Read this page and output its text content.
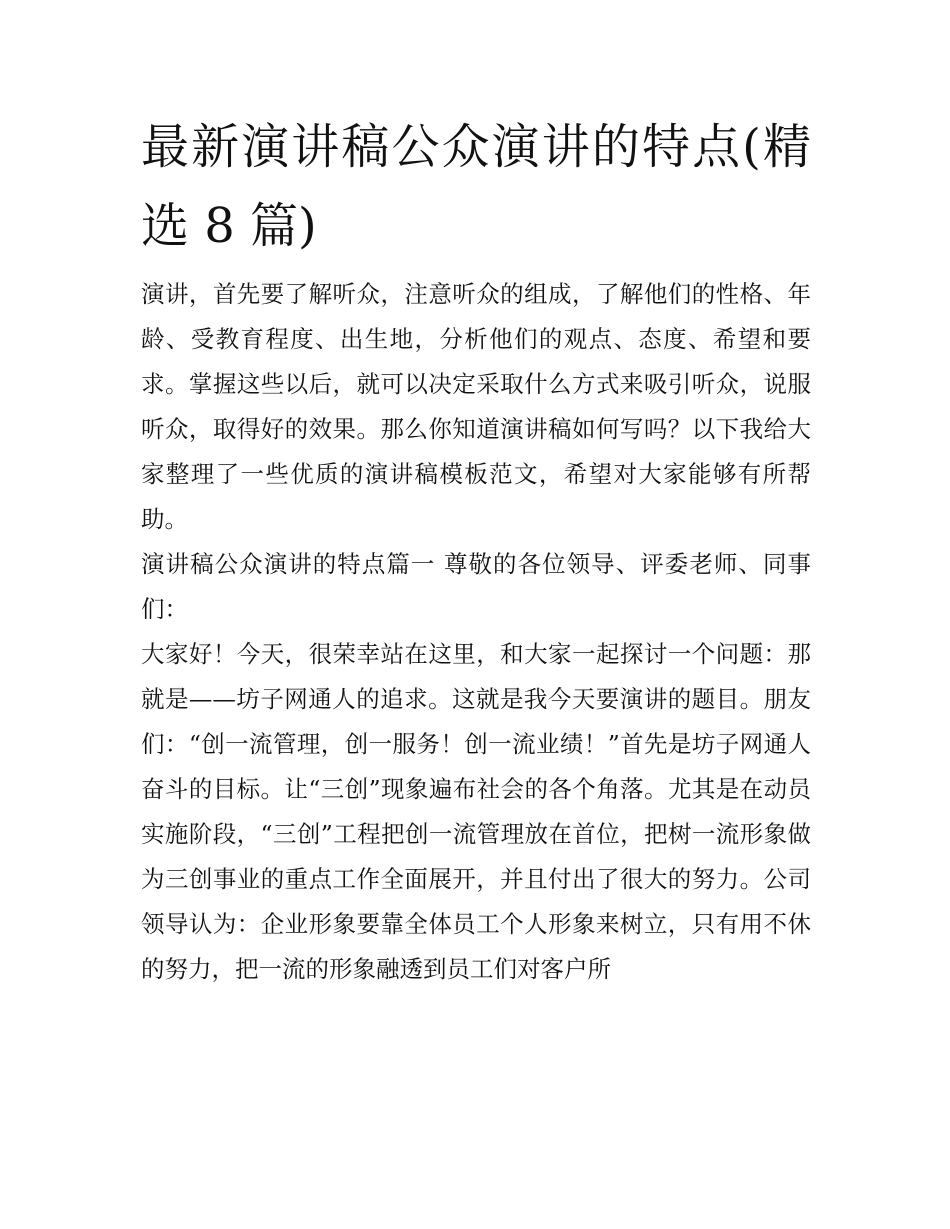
最新演讲稿公众演讲的特点(精选 8 篇)

演讲，首先要了解听众，注意听众的组成，了解他们的性格、年龄、受教育程度、出生地，分析他们的观点、态度、希望和要求。掌握这些以后，就可以决定采取什么方式来吸引听众，说服听众，取得好的效果。那么你知道演讲稿如何写吗？以下我给大家整理了一些优质的演讲稿模板范文，希望对大家能够有所帮助。

演讲稿公众演讲的特点篇一 尊敬的各位领导、评委老师、同事们：

大家好！今天，很荣幸站在这里，和大家一起探讨一个问题：那就是——坊子网通人的追求。这就是我今天要演讲的题目。朋友们：“创一流管理，创一服务！创一流业绩！”首先是坊子网通人奋斗的目标。让“三创”现象遍布社会的各个角落。尤其是在动员实施阶段，“三创”工程把创一流管理放在首位，把树一流形象做为三创事业的重点工作全面展开，并且付出了很大的努力。公司领导认为：企业形象要靠全体员工个人形象来树立，只有用不休的努力，把一流的形象融透到员工们对客户所
